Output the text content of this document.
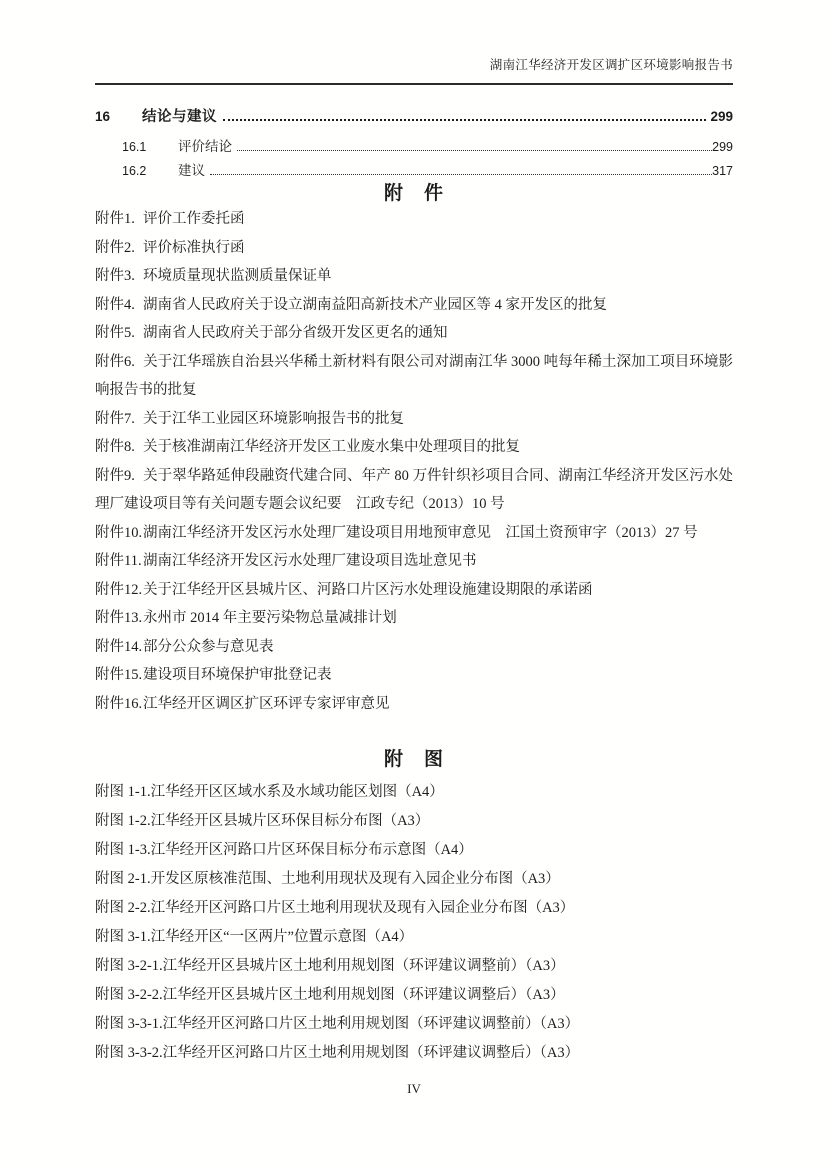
湖南江华经济开发区调扩区环境影响报告书
16	结论与建议	299
16.1	评价结论	299
16.2	建议	317
附　件

附件1. 评价工作委托函

附件2. 评价标准执行函

附件3. 环境质量现状监测质量保证单

附件4. 湖南省人民政府关于设立湖南益阳高新技术产业园区等 4 家开发区的批复

附件5. 湖南省人民政府关于部分省级开发区更名的通知

附件6. 关于江华瑶族自治县兴华稀土新材料有限公司对湖南江华 3000 吨每年稀土深加工项目环境影响报告书的批复

附件7. 关于江华工业园区环境影响报告书的批复

附件8. 关于核准湖南江华经济开发区工业废水集中处理项目的批复

附件9. 关于翠华路延伸段融资代建合同、年产 80 万件针织衫项目合同、湖南江华经济开发区污水处理厂建设项目等有关问题专题会议纪要　江政专纪（2013）10 号

附件10.湖南江华经济开发区污水处理厂建设项目用地预审意见　江国土资预审字（2013）27 号

附件11.湖南江华经济开发区污水处理厂建设项目选址意见书

附件12.关于江华经开区县城片区、河路口片区污水处理设施建设期限的承诺函

附件13.永州市 2014 年主要污染物总量减排计划

附件14.部分公众参与意见表

附件15.建设项目环境保护审批登记表

附件16.江华经开区调区扩区环评专家评审意见

附　图

附图 1-1.江华经开区区域水系及水域功能区划图（A4）

附图 1-2.江华经开区县城片区环保目标分布图（A3）

附图 1-3.江华经开区河路口片区环保目标分布示意图（A4）

附图 2-1.开发区原核准范围、土地利用现状及现有入园企业分布图（A3）

附图 2-2.江华经开区河路口片区土地利用现状及现有入园企业分布图（A3）

附图 3-1.江华经开区“一区两片”位置示意图（A4）

附图 3-2-1.江华经开区县城片区土地利用规划图（环评建议调整前）（A3）

附图 3-2-2.江华经开区县城片区土地利用规划图（环评建议调整后）（A3）

附图 3-3-1.江华经开区河路口片区土地利用规划图（环评建议调整前）（A3）

附图 3-3-2.江华经开区河路口片区土地利用规划图（环评建议调整后）（A3）

IV
